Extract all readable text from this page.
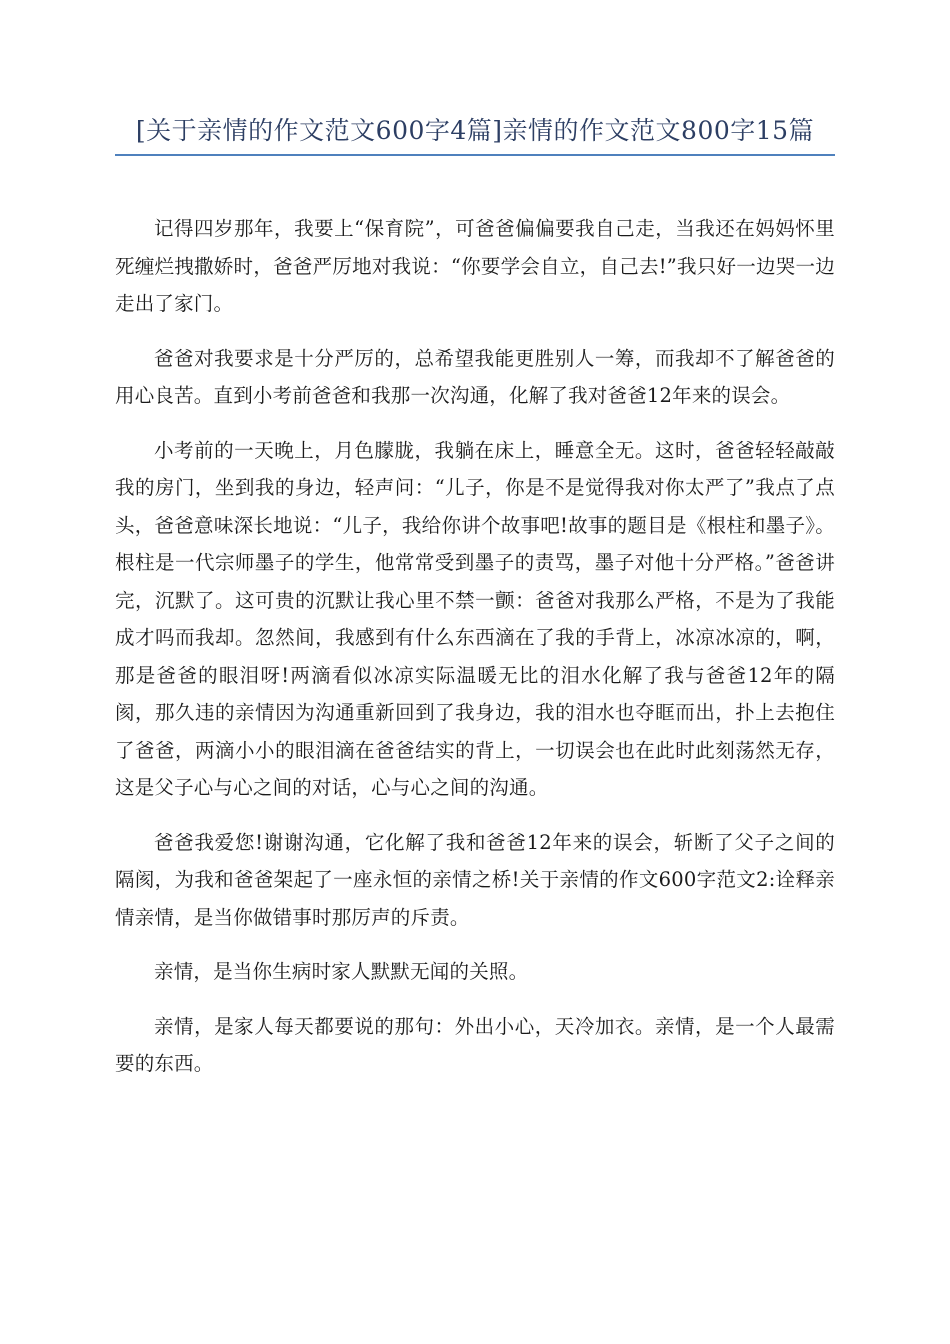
[关于亲情的作文范文600字4篇]亲情的作文范文800字15篇

记得四岁那年，我要上“保育院”，可爸爸偏偏要我自己走，当我还在妈妈怀里死缠烂拽撒娇时，爸爸严厉地对我说：“你要学会自立，自己去!”我只好一边哭一边走出了家门。

爸爸对我要求是十分严厉的，总希望我能更胜别人一筹，而我却不了解爸爸的用心良苦。直到小考前爸爸和我那一次沟通，化解了我对爸爸12年来的误会。

小考前的一天晚上，月色朦胧，我躺在床上，睡意全无。这时，爸爸轻轻敲敲我的房门，坐到我的身边，轻声问：“儿子，你是不是觉得我对你太严了”我点了点头，爸爸意味深长地说：“儿子，我给你讲个故事吧!故事的题目是《根柱和墨子》。根柱是一代宗师墨子的学生，他常常受到墨子的责骂，墨子对他十分严格。”爸爸讲完，沉默了。这可贵的沉默让我心里不禁一颤：爸爸对我那么严格，不是为了我能成才吗而我却。忽然间，我感到有什么东西滴在了我的手背上，冰凉冰凉的，啊，那是爸爸的眼泪呀!两滴看似冰凉实际温暖无比的泪水化解了我与爸爸12年的隔阂，那久违的亲情因为沟通重新回到了我身边，我的泪水也夺眶而出，扑上去抱住了爸爸，两滴小小的眼泪滴在爸爸结实的背上，一切误会也在此时此刻荡然无存，这是父子心与心之间的对话，心与心之间的沟通。

爸爸我爱您!谢谢沟通，它化解了我和爸爸12年来的误会，斩断了父子之间的隔阂，为我和爸爸架起了一座永恒的亲情之桥!关于亲情的作文600字范文2:诠释亲情亲情，是当你做错事时那厉声的斥责。

亲情，是当你生病时家人默默无闻的关照。

亲情，是家人每天都要说的那句：外出小心，天冷加衣。亲情，是一个人最需要的东西。
